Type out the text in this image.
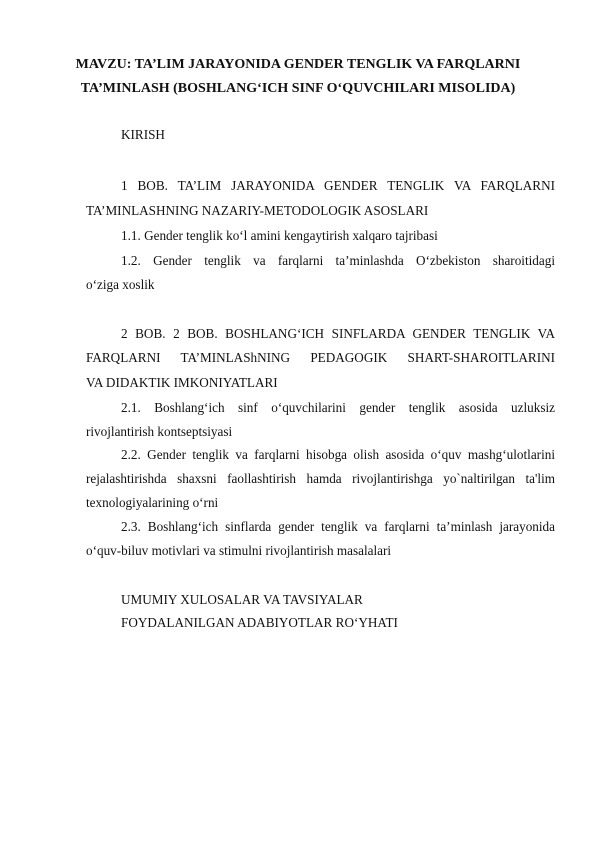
MAVZU: TA’LIM JARAYONIDA GENDER TENGLIK VA FARQLARNI
TA’MINLASH (BOSHLANG‘ICH SINF O‘QUVCHILARI MISOLIDA)
KIRISH
1 BOB. TA’LIM JARAYONIDA GENDER TENGLIK VA FARQLARNI
TA’MINLASHNING NAZARIY-METODOLOGIK ASOSLARI
1.1. Gender tenglik ko‘l amini kengaytirish xalqaro tajribasi
1.2. Gender tenglik va farqlarni ta’minlashda O‘zbekiston sharoitidagi
o‘ziga xoslik
2 BOB. 2 BOB. BOSHLANG‘ICH SINFLARDA GENDER TENGLIK VA
FARQLARNI TA’MINLAShNING PEDAGOGIK SHART-SHAROITLARINI
VA DIDAKTIK IMKONIYATLARI
2.1. Boshlang‘ich sinf o‘quvchilarini gender tenglik asosida uzluksiz
rivojlantirish kontseptsiyasi
2.2. Gender tenglik va farqlarni hisobga olish asosida o‘quv mashg‘ulotlarini
rejalashtirishda shaxsni faollashtirish hamda rivojlantirishga yo`naltirilgan ta'lim
texnologiyalarining o‘rni
2.3. Boshlang‘ich sinflarda gender tenglik va farqlarni ta’minlash jarayonida
o‘quv-biluv motivlari va stimulni rivojlantirish masalalari
UMUMIY XULOSALAR VA TAVSIYALAR
FOYDALANILGAN ADABIYOTLAR RO‘YHATI
